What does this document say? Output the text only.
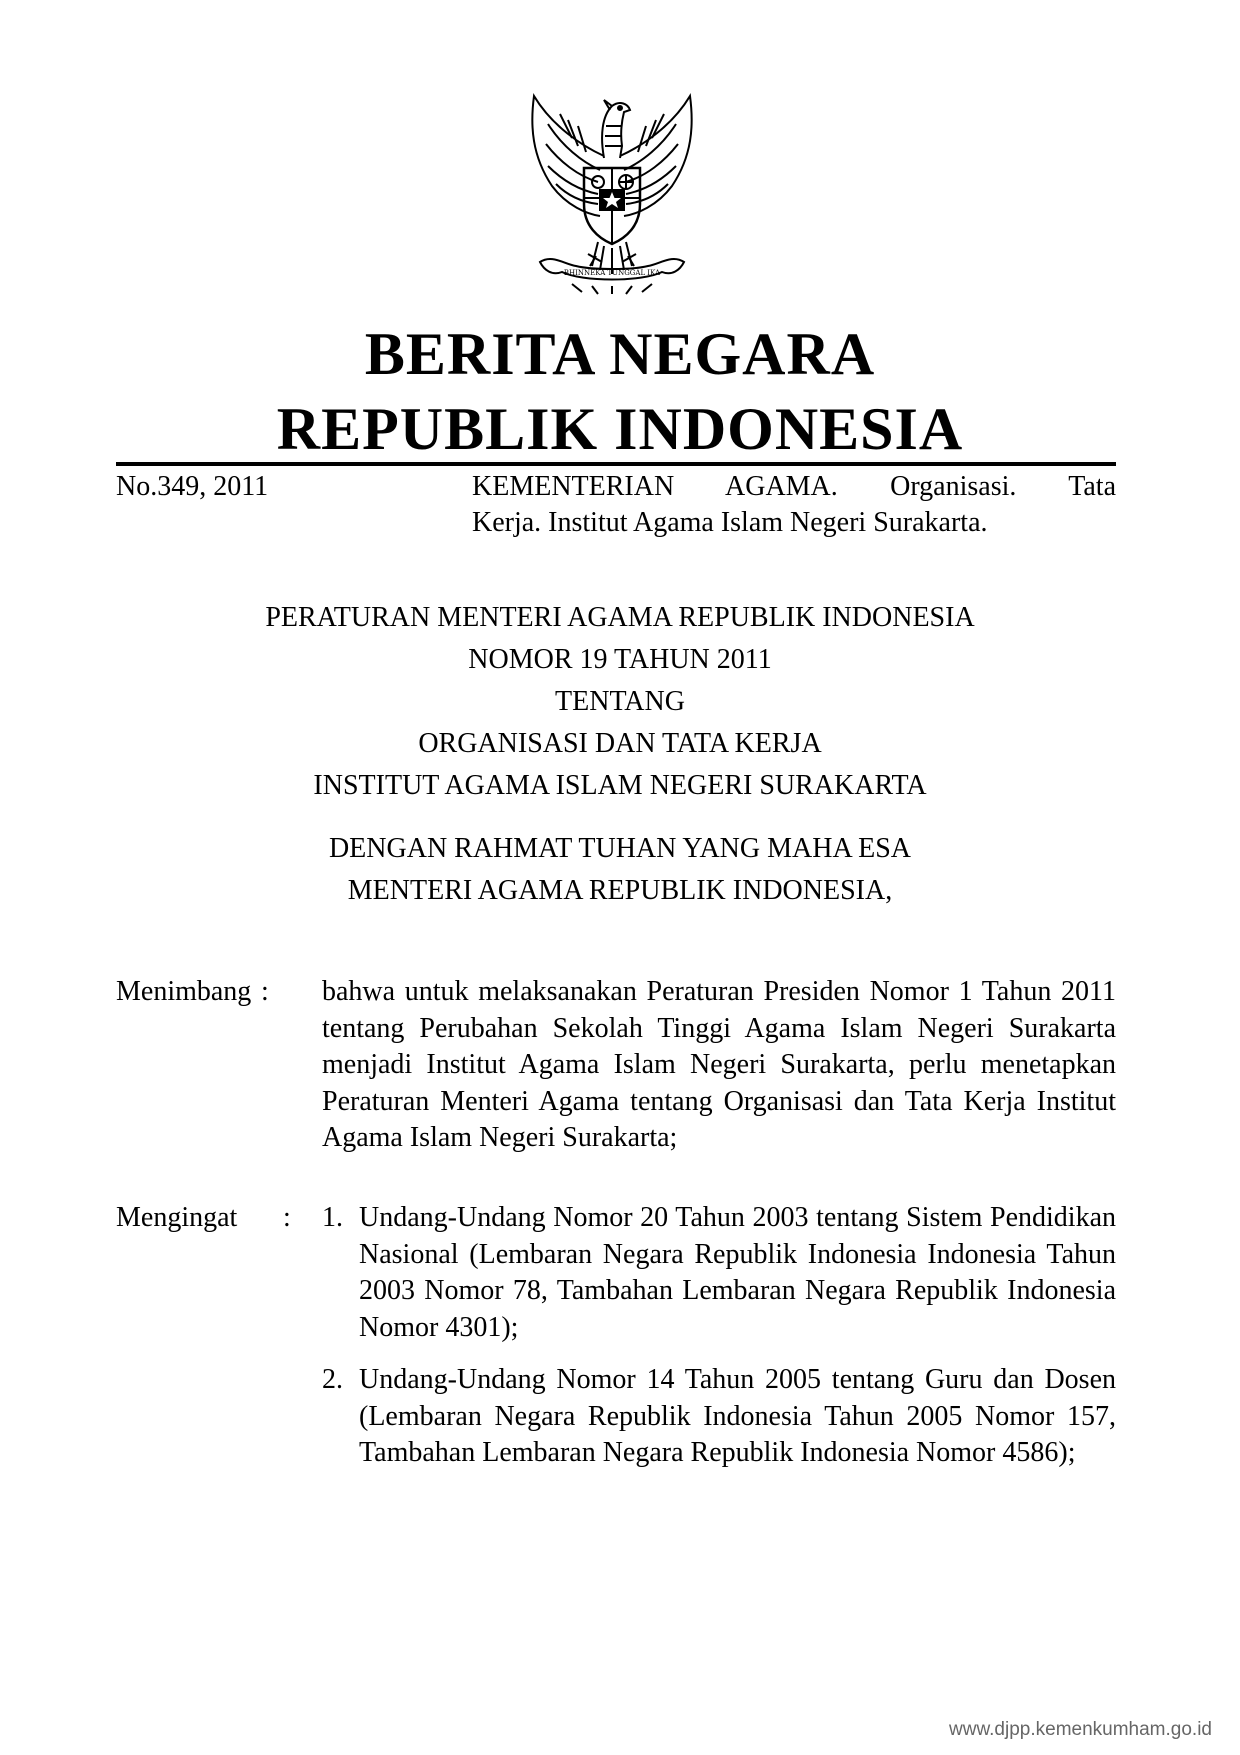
BHINNEKA TUNGGAL IKA
BERITA NEGARA
REPUBLIK INDONESIA
No.349, 2011	KEMENTERIAN AGAMA. Organisasi. Tata
Kerja. Institut Agama Islam Negeri Surakarta.
PERATURAN MENTERI AGAMA REPUBLIK INDONESIA
NOMOR 19 TAHUN 2011
TENTANG
ORGANISASI DAN TATA KERJA
INSTITUT AGAMA ISLAM NEGERI SURAKARTA
DENGAN RAHMAT TUHAN YANG MAHA ESA
MENTERI AGAMA REPUBLIK INDONESIA,
Menimbang : bahwa untuk melaksanakan Peraturan Presiden Nomor 1 Tahun 2011 tentang Perubahan Sekolah Tinggi Agama Islam Negeri Surakarta menjadi Institut Agama Islam Negeri Surakarta, perlu menetapkan Peraturan Menteri Agama tentang Organisasi dan Tata Kerja Institut Agama Islam Negeri Surakarta;
Mengingat : 1. Undang-Undang Nomor 20 Tahun 2003 tentang Sistem Pendidikan Nasional (Lembaran Negara Republik Indonesia Indonesia Tahun 2003 Nomor 78, Tambahan Lembaran Negara Republik Indonesia Nomor 4301);
2. Undang-Undang Nomor 14 Tahun 2005 tentang Guru dan Dosen (Lembaran Negara Republik Indonesia Tahun 2005 Nomor 157, Tambahan Lembaran Negara Republik Indonesia Nomor 4586);
www.djpp.kemenkumham.go.id
